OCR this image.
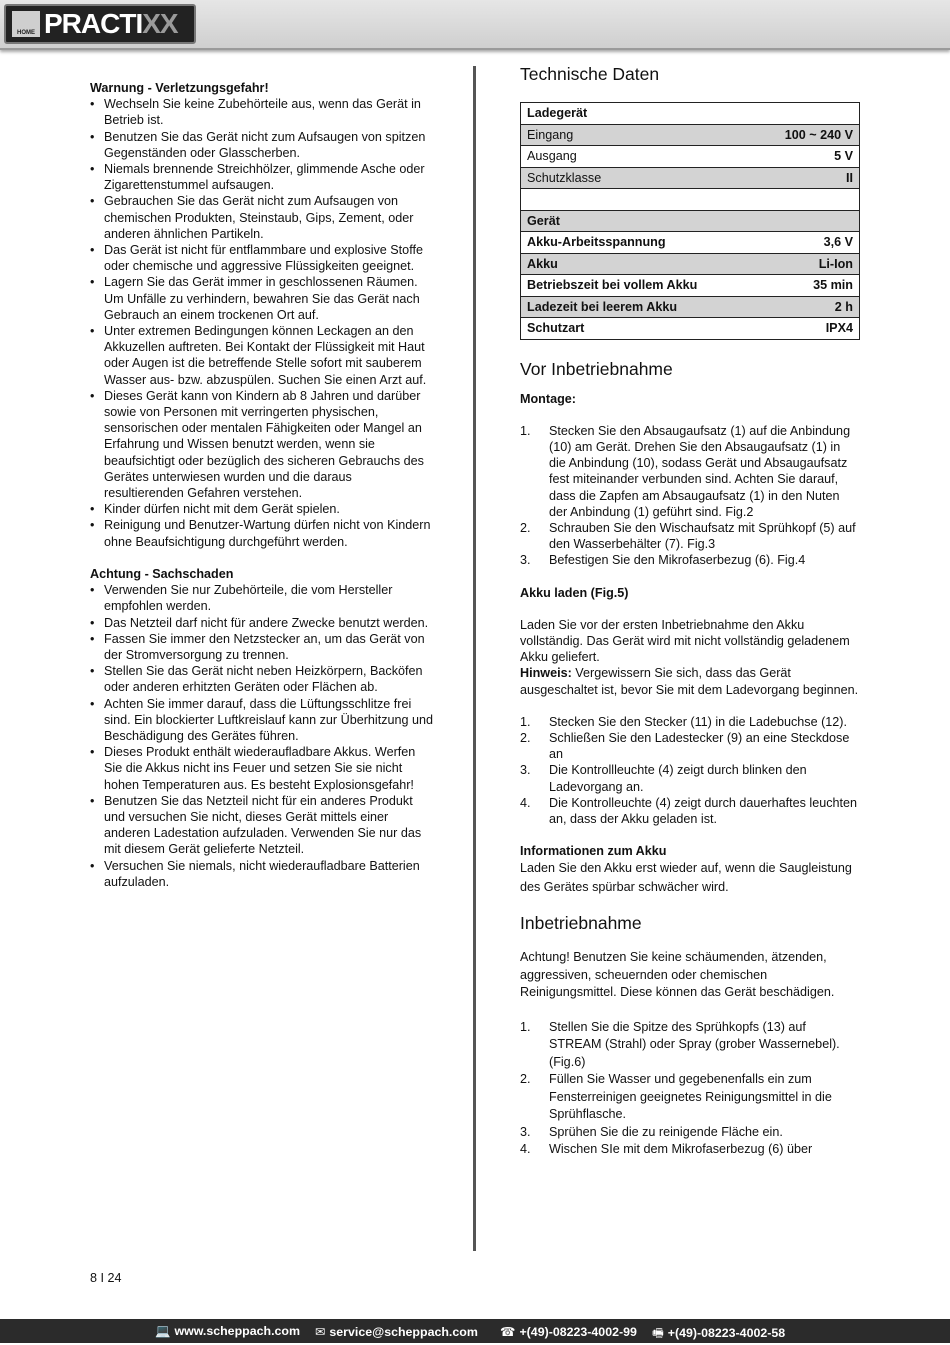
HOME PRACTIXX

Warnung - Verletzungsgefahr!

• Wechseln Sie keine Zubehörteile aus, wenn das Gerät in Betrieb ist.
• Benutzen Sie das Gerät nicht zum Aufsaugen von spitzen Gegenständen oder Glasscherben.
• Niemals brennende Streichhölzer, glimmende Asche oder Zigarettenstummel aufsaugen.
• Gebrauchen Sie das Gerät nicht zum Aufsaugen von chemischen Produkten, Steinstaub, Gips, Zement, oder anderen ähnlichen Partikeln.
• Das Gerät ist nicht für entflammbare und explosive Stoffe oder chemische und aggressive Flüssigkeiten geeignet.
• Lagern Sie das Gerät immer in geschlossenen Räumen. Um Unfälle zu verhindern, bewahren Sie das Gerät nach Gebrauch an einem trockenen Ort auf.
• Unter extremen Bedingungen können Leckagen an den Akkuzellen auftreten. Bei Kontakt der Flüssigkeit mit Haut oder Augen ist die betreffende Stelle sofort mit sauberem Wasser aus- bzw. abzuspülen. Suchen Sie einen Arzt auf.
• Dieses Gerät kann von Kindern ab 8 Jahren und darüber sowie von Personen mit verringerten physischen, sensorischen oder mentalen Fähigkeiten oder Mangel an Erfahrung und Wissen benutzt werden, wenn sie beaufsichtigt oder bezüglich des sicheren Gebrauchs des Gerätes unterwiesen wurden und die daraus resultierenden Gefahren verstehen.
• Kinder dürfen nicht mit dem Gerät spielen.
• Reinigung und Benutzer-Wartung dürfen nicht von Kindern ohne Beaufsichtigung durchgeführt werden.

Achtung - Sachschaden

• Verwenden Sie nur Zubehörteile, die vom Hersteller empfohlen werden.
• Das Netzteil darf nicht für andere Zwecke benutzt werden.
• Fassen Sie immer den Netzstecker an, um das Gerät von der Stromversorgung zu trennen.
• Stellen Sie das Gerät nicht neben Heizkörpern, Backöfen oder anderen erhitzten Geräten oder Flächen ab.
• Achten Sie immer darauf, dass die Lüftungsschlitze frei sind. Ein blockierter Luftkreislauf kann zur Überhitzung und Beschädigung des Gerätes führen.
• Dieses Produkt enthält wiederaufladbare Akkus. Werfen Sie die Akkus nicht ins Feuer und setzen Sie sie nicht hohen Temperaturen aus. Es besteht Explosionsgefahr!
• Benutzen Sie das Netzteil nicht für ein anderes Produkt und versuchen Sie nicht, dieses Gerät mittels einer anderen Ladestation aufzuladen. Verwenden Sie nur das mit diesem Gerät gelieferte Netzteil.
• Versuchen Sie niemals, nicht wiederaufladbare Batterien aufzuladen.
Technische Daten
Ladegerät	
Eingang	100 ~ 240 V
Ausgang	5 V
Schutzklasse	II

Gerät	
Akku-Arbeitsspannung	3,6 V
Akku	Li-Ion
Betriebszeit bei vollem Akku	35 min
Ladezeit bei leerem Akku	2 h
Schutzart	IPX4
Vor Inbetriebnahme

Montage:

1. Stecken Sie den Absaugaufsatz (1) auf die Anbindung (10) am Gerät. Drehen Sie den Absaugaufsatz (1) in die Anbindung (10), sodass Gerät und Absaugaufsatz fest miteinander verbunden sind. Achten Sie darauf, dass die Zapfen am Absaugaufsatz (1) in den Nuten der Anbindung (1) geführt sind. Fig.2
2. Schrauben Sie den Wischaufsatz mit Sprühkopf (5) auf den Wasserbehälter (7). Fig.3
3. Befestigen Sie den Mikrofaserbezug (6). Fig.4

Akku laden (Fig.5)

Laden Sie vor der ersten Inbetriebnahme den Akku vollständig. Das Gerät wird mit nicht vollständig geladenem Akku geliefert.
Hinweis: Vergewissern Sie sich, dass das Gerät ausgeschaltet ist, bevor Sie mit dem Ladevorgang beginnen.
1. Stecken Sie den Stecker (11) in die Ladebuchse (12).
2. Schließen Sie den Ladestecker (9) an eine Steckdose an
3. Die Kontrollleuchte (4) zeigt durch blinken den Ladevorgang an.
4. Die Kontrolleuchte (4) zeigt durch dauerhaftes leuchten an, dass der Akku geladen ist.

Informationen zum Akku

Laden Sie den Akku erst wieder auf, wenn die Saugleistung des Gerätes spürbar schwächer wird.
Inbetriebnahme
Achtung! Benutzen Sie keine schäumenden, ätzenden, aggressiven, scheuernden oder chemischen Reinigungsmittel. Diese können das Gerät beschädigen.
1. Stellen Sie die Spitze des Sprühkopfs (13) auf STREAM (Strahl) oder Spray (grober Wassernebel). (Fig.6)
2. Füllen Sie Wasser und gegebenenfalls ein zum Fensterreinigen geeignetes Reinigungsmittel in die Sprühflasche.
3. Sprühen Sie die zu reinigende Fläche ein.
4. Wischen SIe mit dem Mikrofaserbezug (6) über
8 I 24
💻 www.scheppach.com ✉ service@scheppach.com ☎ +(49)-08223-4002-99 🖷 +(49)-08223-4002-58
